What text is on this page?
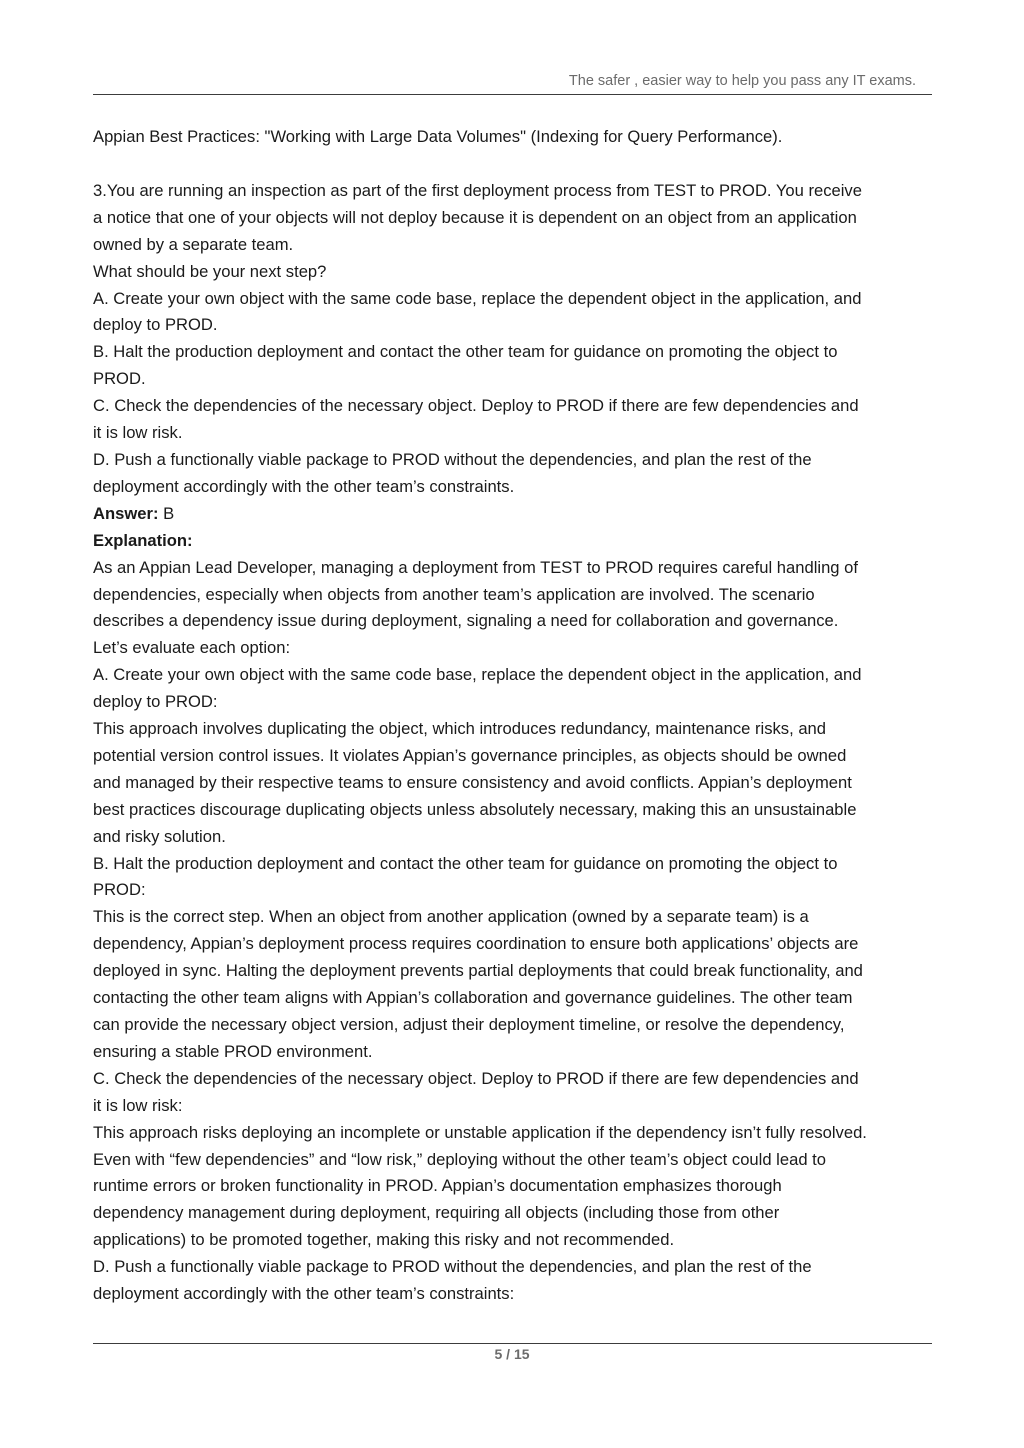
The safer , easier way to help you pass any IT exams.

Appian Best Practices: "Working with Large Data Volumes" (Indexing for Query Performance).

3.You are running an inspection as part of the first deployment process from TEST to PROD. You receive

a notice that one of your objects will not deploy because it is dependent on an object from an application

owned by a separate team.

What should be your next step?

A. Create your own object with the same code base, replace the dependent object in the application, and

deploy to PROD.

B. Halt the production deployment and contact the other team for guidance on promoting the object to

PROD.

C. Check the dependencies of the necessary object. Deploy to PROD if there are few dependencies and

it is low risk.

D. Push a functionally viable package to PROD without the dependencies, and plan the rest of the

deployment accordingly with the other team’s constraints.

Answer: B

Explanation:

As an Appian Lead Developer, managing a deployment from TEST to PROD requires careful handling of

dependencies, especially when objects from another team’s application are involved. The scenario

describes a dependency issue during deployment, signaling a need for collaboration and governance.

Let’s evaluate each option:

A. Create your own object with the same code base, replace the dependent object in the application, and

deploy to PROD:

This approach involves duplicating the object, which introduces redundancy, maintenance risks, and

potential version control issues. It violates Appian’s governance principles, as objects should be owned

and managed by their respective teams to ensure consistency and avoid conflicts. Appian’s deployment

best practices discourage duplicating objects unless absolutely necessary, making this an unsustainable

and risky solution.

B. Halt the production deployment and contact the other team for guidance on promoting the object to

PROD:

This is the correct step. When an object from another application (owned by a separate team) is a

dependency, Appian’s deployment process requires coordination to ensure both applications’ objects are

deployed in sync. Halting the deployment prevents partial deployments that could break functionality, and

contacting the other team aligns with Appian’s collaboration and governance guidelines. The other team

can provide the necessary object version, adjust their deployment timeline, or resolve the dependency,

ensuring a stable PROD environment.

C. Check the dependencies of the necessary object. Deploy to PROD if there are few dependencies and

it is low risk:

This approach risks deploying an incomplete or unstable application if the dependency isn’t fully resolved.

Even with “few dependencies” and “low risk,” deploying without the other team’s object could lead to

runtime errors or broken functionality in PROD. Appian’s documentation emphasizes thorough

dependency management during deployment, requiring all objects (including those from other

applications) to be promoted together, making this risky and not recommended.

D. Push a functionally viable package to PROD without the dependencies, and plan the rest of the

deployment accordingly with the other team’s constraints:

5 / 15
